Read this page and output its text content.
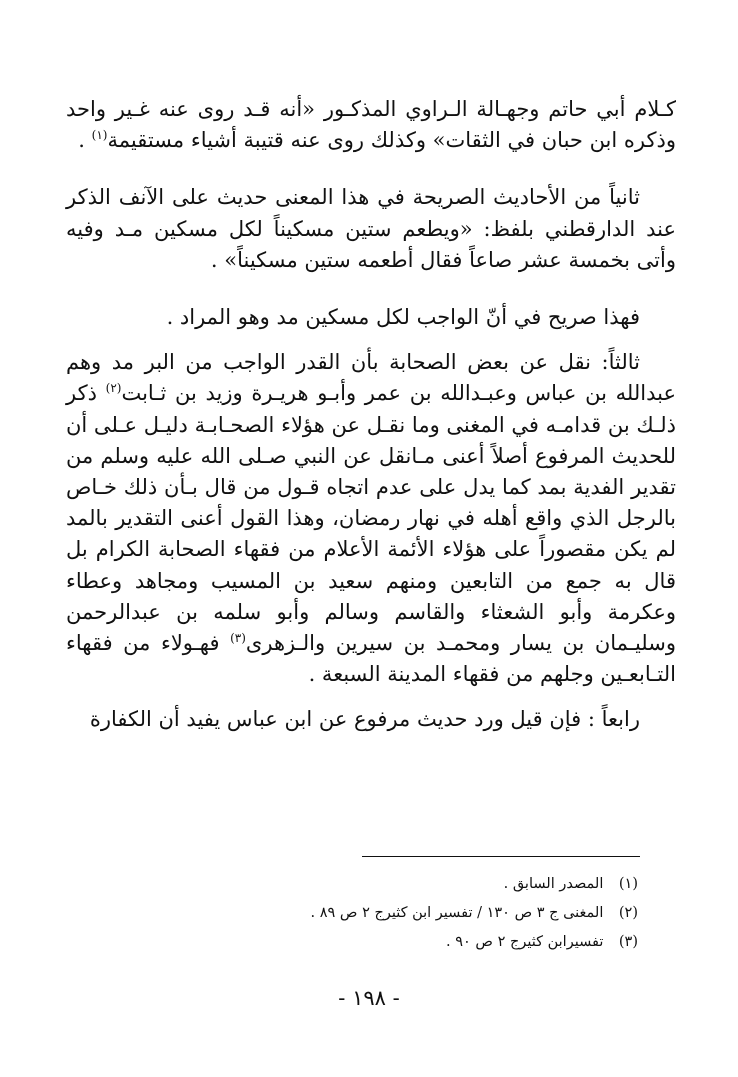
كـلام أبي حاتم وجهـالة الـراوي المذكـور «أنه قـد روى عنه غـير واحد وذكره ابن حبان في الثقات» وكذلك روى عنه قتيبة أشياء مستقيمة$^{(١)}$ .

ثانياً من الأحاديث الصريحة في هذا المعنى حديث على الآنف الذكر عند الدارقطني بلفظ: «ويطعم ستين مسكيناً لكل مسكين مـد وفيه وأتى بخمسة عشر صاعاً فقال أطعمه ستين مسكيناً» .

فهذا صريح في أنّ الواجب لكل مسكين مد وهو المراد .

ثالثاً: نقل عن بعض الصحابة بأن القدر الواجب من البر مد وهم عبدالله بن عباس وعبـدالله بن عمر وأبـو هريـرة وزيد بن ثـابت$^{(٢)}$ ذكر ذلـك بن قدامـه في المغنى وما نقـل عن هؤلاء الصحـابـة دليـل عـلى أن للحديث المرفوع أصلاً أعنى مـانقل عن النبي صـلى الله عليه وسلم من تقدير الفدية بمد كما يدل على عدم اتجاه قـول من قال بـأن ذلك خـاص بالرجل الذي واقع أهله في نهار رمضان، وهذا القول أعنى التقدير بالمد لم يكن مقصوراً على هؤلاء الأئمة الأعلام من فقهاء الصحابة الكرام بل قال به جمع من التابعين ومنهم سعيد بن المسيب ومجاهد وعطاء وعكرمة وأبو الشعثاء والقاسم وسالم وأبو سلمه بن عبدالرحمن وسليـمان بن يسار ومحمـد بن سيرين والـزهرى$^{(٣)}$ فهـولاء من فقهاء التـابعـين وجلهم من فقهاء المدينة السبعة .

رابعاً : فإن قيل ورد حديث مرفوع عن ابن عباس يفيد أن الكفارة

(١) المصدر السابق .

(٢) المغنى ج ٣ ص ١٣٠ / تفسير ابن كثيرج ٢ ص ٨٩ .

(٣) تفسيرابن كثيرج ٢ ص ٩٠ .

- ١٩٨ -
